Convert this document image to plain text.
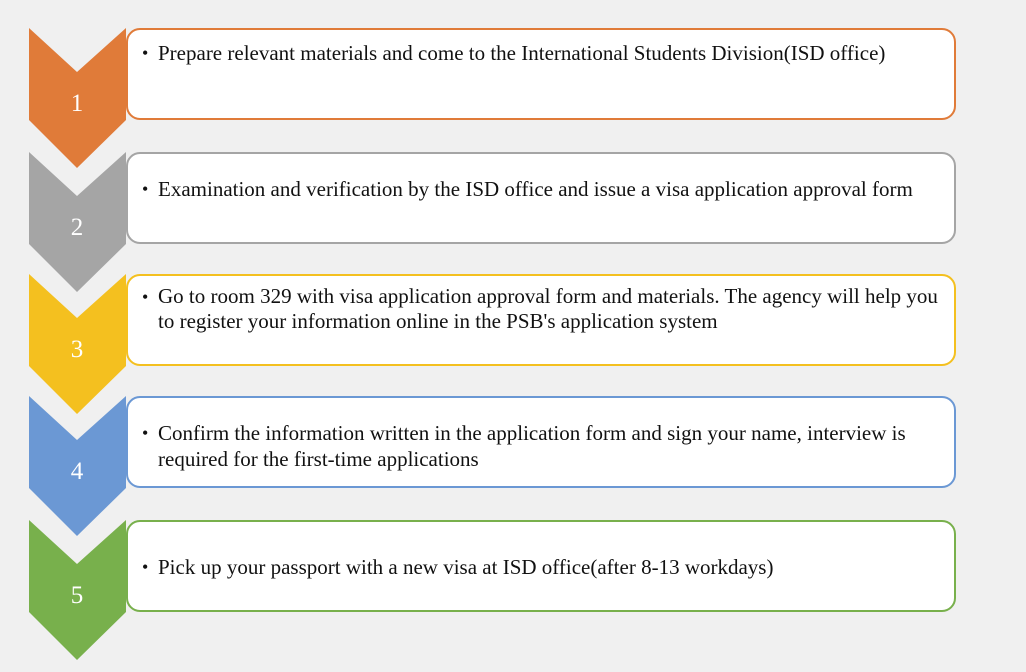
1

• Prepare relevant materials and come to the International Students Division(ISD office)

2

• Examination and verification by the ISD office and issue a visa application approval form

3

• Go to room 329 with visa application approval form and materials. The agency will help you to register your information online in the PSB's application system

4

• Confirm the information written in the application form and sign your name, interview is required for the first-time applications

5

• Pick up your passport with a new visa at ISD office(after 8-13 workdays)
